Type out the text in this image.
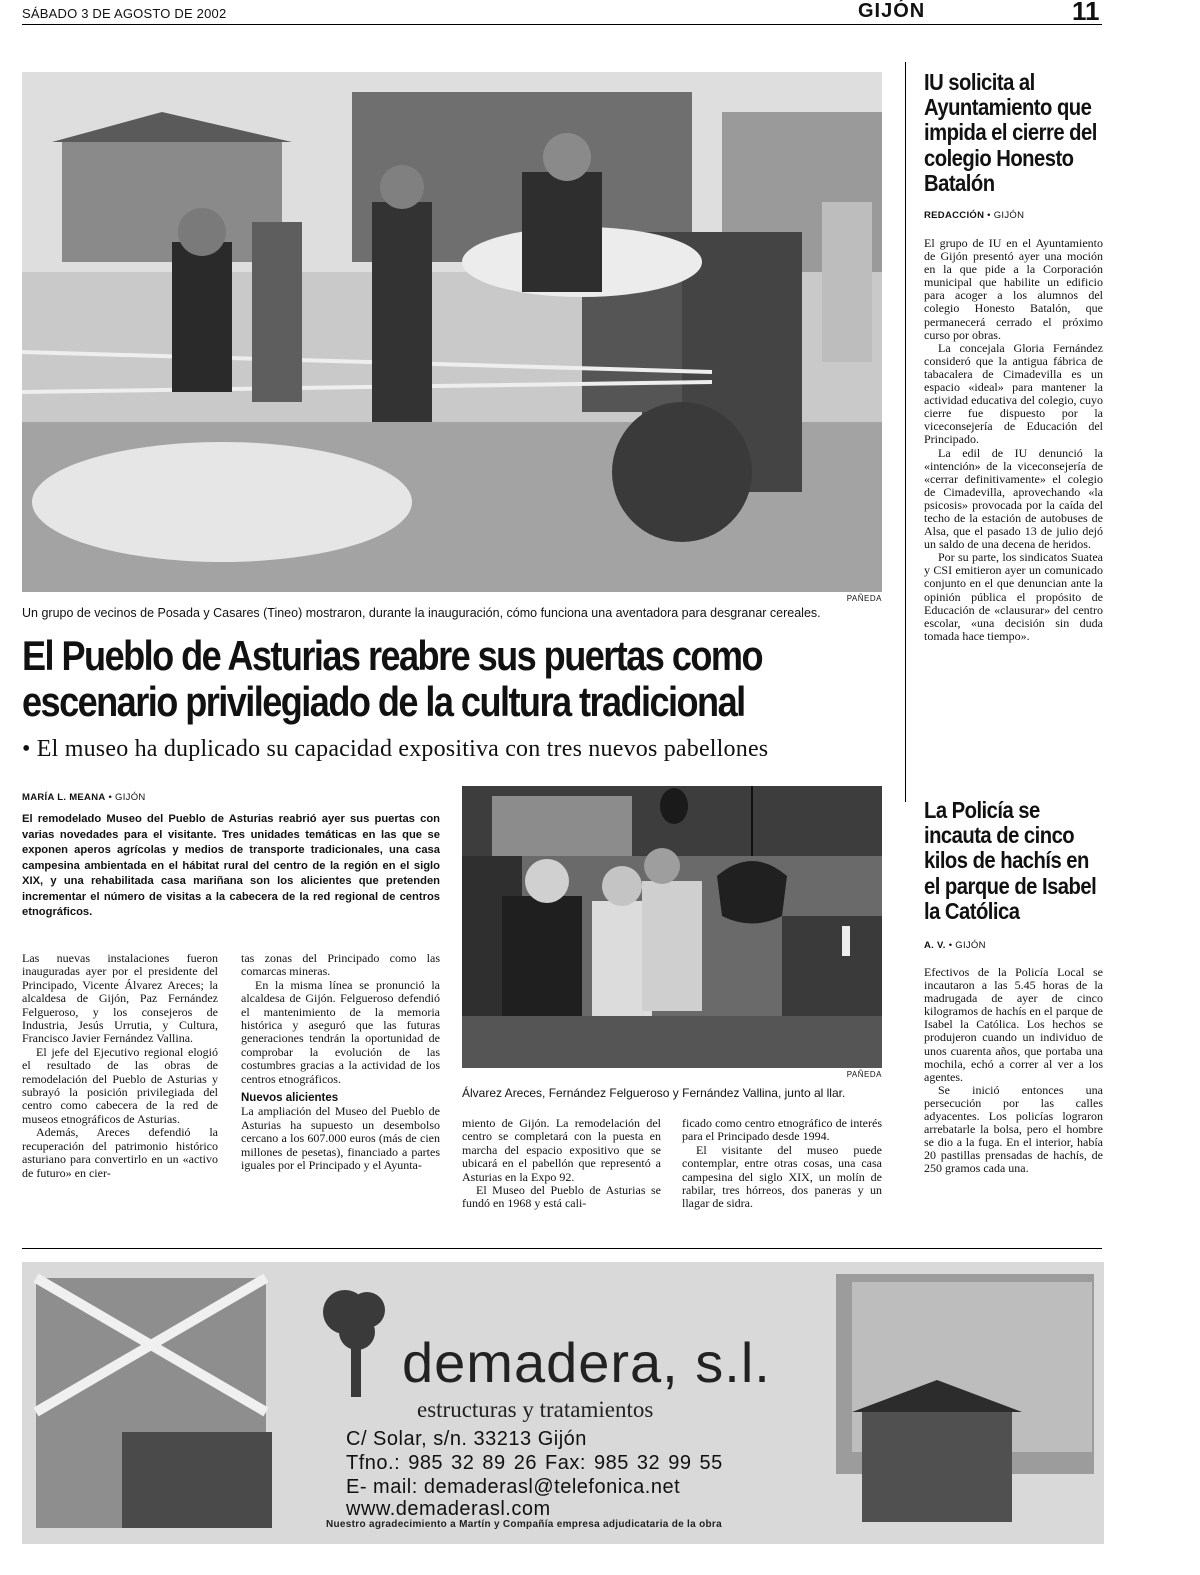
SÁBADO 3 DE AGOSTO DE 2002	GIJÓN	11
PAÑEDA
Un grupo de vecinos de Posada y Casares (Tineo) mostraron, durante la inauguración, cómo funciona una aventadora para desgranar cereales.
El Pueblo de Asturias reabre sus puertas como
escenario privilegiado de la cultura tradicional
• El museo ha duplicado su capacidad expositiva con tres nuevos pabellones
MARÍA L. MEANA • GIJÓN
El remodelado Museo del Pueblo de Asturias reabrió ayer sus puertas con varias novedades para el visitante. Tres unidades temáticas en las que se exponen aperos agrícolas y medios de transporte tradicionales, una casa campesina ambientada en el hábitat rural del centro de la región en el siglo XIX, y una rehabilitada casa mariñana son los alicientes que pretenden incrementar el número de visitas a la cabecera de la red regional de centros etnográficos.

Las nuevas instalaciones fueron inauguradas ayer por el presidente del Principado, Vicente Álvarez Areces; la alcaldesa de Gijón, Paz Fernández Felgueroso, y los consejeros de Industria, Jesús Urrutia, y Cultura, Francisco Javier Fernández Vallina.

El jefe del Ejecutivo regional elogió el resultado de las obras de remodelación del Pueblo de Asturias y subrayó la posición privilegiada del centro como cabecera de la red de museos etnográficos de Asturias.

Además, Areces defendió la recuperación del patrimonio histórico asturiano para convertirlo en un «activo de futuro» en cier-

tas zonas del Principado como las comarcas mineras.

En la misma línea se pronunció la alcaldesa de Gijón. Felgueroso defendió el mantenimiento de la memoria histórica y aseguró que las futuras generaciones tendrán la oportunidad de comprobar la evolución de las costumbres gracias a la actividad de los centros etnográficos.

Nuevos alicientes

La ampliación del Museo del Pueblo de Asturias ha supuesto un desembolso cercano a los 607.000 euros (más de cien millones de pesetas), financiado a partes iguales por el Principado y el Ayunta-

PAÑEDA
Álvarez Areces, Fernández Felgueroso y Fernández Vallina, junto al llar.

miento de Gijón. La remodelación del centro se completará con la puesta en marcha del espacio expositivo que se ubicará en el pabellón que representó a Asturias en la Expo 92.

El Museo del Pueblo de Asturias se fundó en 1968 y está cali-

ficado como centro etnográfico de interés para el Principado desde 1994.

El visitante del museo puede contemplar, entre otras cosas, una casa campesina del siglo XIX, un molín de rabilar, tres hórreos, dos paneras y un llagar de sidra.

IU solicita al Ayuntamiento que impida el cierre del colegio Honesto Batalón
REDACCIÓN • GIJÓN

El grupo de IU en el Ayuntamiento de Gijón presentó ayer una moción en la que pide a la Corporación municipal que habilite un edificio para acoger a los alumnos del colegio Honesto Batalón, que permanecerá cerrado el próximo curso por obras.

La concejala Gloria Fernández consideró que la antigua fábrica de tabacalera de Cimadevilla es un espacio «ideal» para mantener la actividad educativa del colegio, cuyo cierre fue dispuesto por la viceconsejería de Educación del Principado.

La edil de IU denunció la «intención» de la viceconsejería de «cerrar definitivamente» el colegio de Cimadevilla, aprovechando «la psicosis» provocada por la caída del techo de la estación de autobuses de Alsa, que el pasado 13 de julio dejó un saldo de una decena de heridos.

Por su parte, los sindicatos Suatea y CSI emitieron ayer un comunicado conjunto en el que denuncian ante la opinión pública el propósito de Educación de «clausurar» del centro escolar, «una decisión sin duda tomada hace tiempo».

La Policía se incauta de cinco kilos de hachís en el parque de Isabel la Católica
A. V. • GIJÓN

Efectivos de la Policía Local se incautaron a las 5.45 horas de la madrugada de ayer de cinco kilogramos de hachís en el parque de Isabel la Católica. Los hechos se produjeron cuando un individuo de unos cuarenta años, que portaba una mochila, echó a correr al ver a los agentes.

Se inició entonces una persecución por las calles adyacentes. Los policías lograron arrebatarle la bolsa, pero el hombre se dio a la fuga. En el interior, había 20 pastillas prensadas de hachís, de 250 gramos cada una.

demadera, s.l.
estructuras y tratamientos
C/ Solar, s/n. 33213 Gijón
Tfno.: 985 32 89 26 Fax: 985 32 99 55
E- mail: demaderasl@telefonica.net
www.demaderasl.com
Nuestro agradecimiento a Martín y Compañía empresa adjudicataria de la obra
